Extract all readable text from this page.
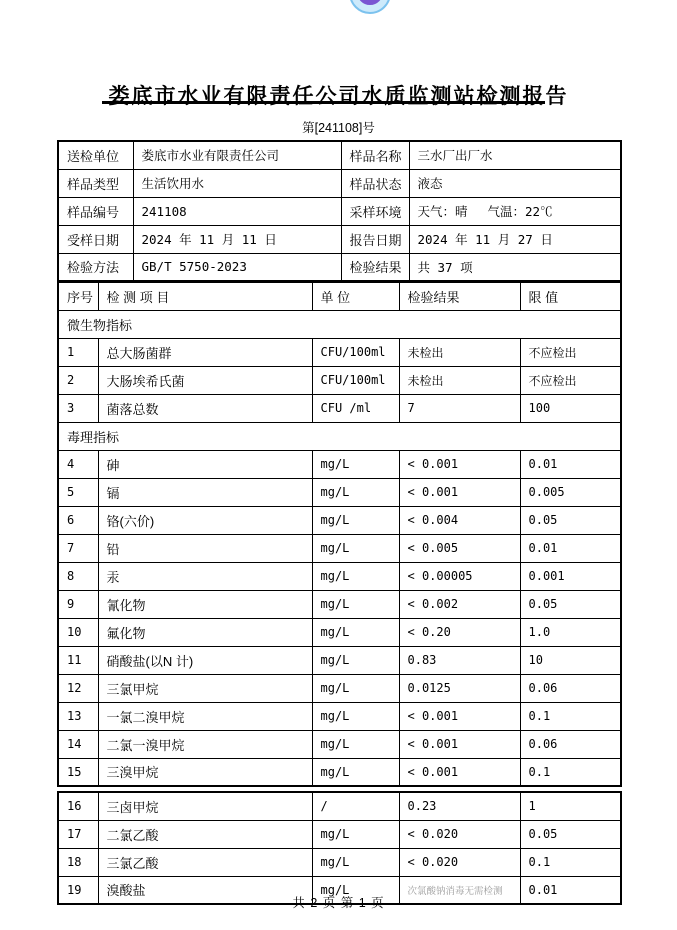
娄底市水业有限责任公司水质监测站检测报告
第[241108]号
送检单位	娄底市水业有限责任公司	样品名称	三水厂出厂水
样品类型	生活饮用水	样品状态	液态
样品编号	241108	采样环境	天气：晴　 气温：22℃
受样日期	2024 年 11 月 11 日	报告日期	2024 年 11 月 27 日
检验方法	GB/T 5750-2023	检验结果	共 37 项
序号	检 测 项 目	单 位	检验结果	限 值
微生物指标				
1	总大肠菌群	CFU/100ml	未检出	不应检出
2	大肠埃希氏菌	CFU/100ml	未检出	不应检出
3	菌落总数	CFU /ml	7	100
毒理指标				
4	砷	mg/L	< 0.001	0.01
5	镉	mg/L	< 0.001	0.005
6	铬(六价)	mg/L	< 0.004	0.05
7	铅	mg/L	< 0.005	0.01
8	汞	mg/L	< 0.00005	0.001
9	氰化物	mg/L	< 0.002	0.05
10	氟化物	mg/L	< 0.20	1.0
11	硝酸盐(以N 计)	mg/L	0.83	10
12	三氯甲烷	mg/L	0.0125	0.06
13	一氯二溴甲烷	mg/L	< 0.001	0.1
14	二氯一溴甲烷	mg/L	< 0.001	0.06
15	三溴甲烷	mg/L	< 0.001	0.1
16	三卤甲烷	/	0.23	1
17	二氯乙酸	mg/L	< 0.020	0.05
18	三氯乙酸	mg/L	< 0.020	0.1
19	溴酸盐	mg/L	次氯酸钠消毒无需检测	0.01
共 2 页 第 1 页
